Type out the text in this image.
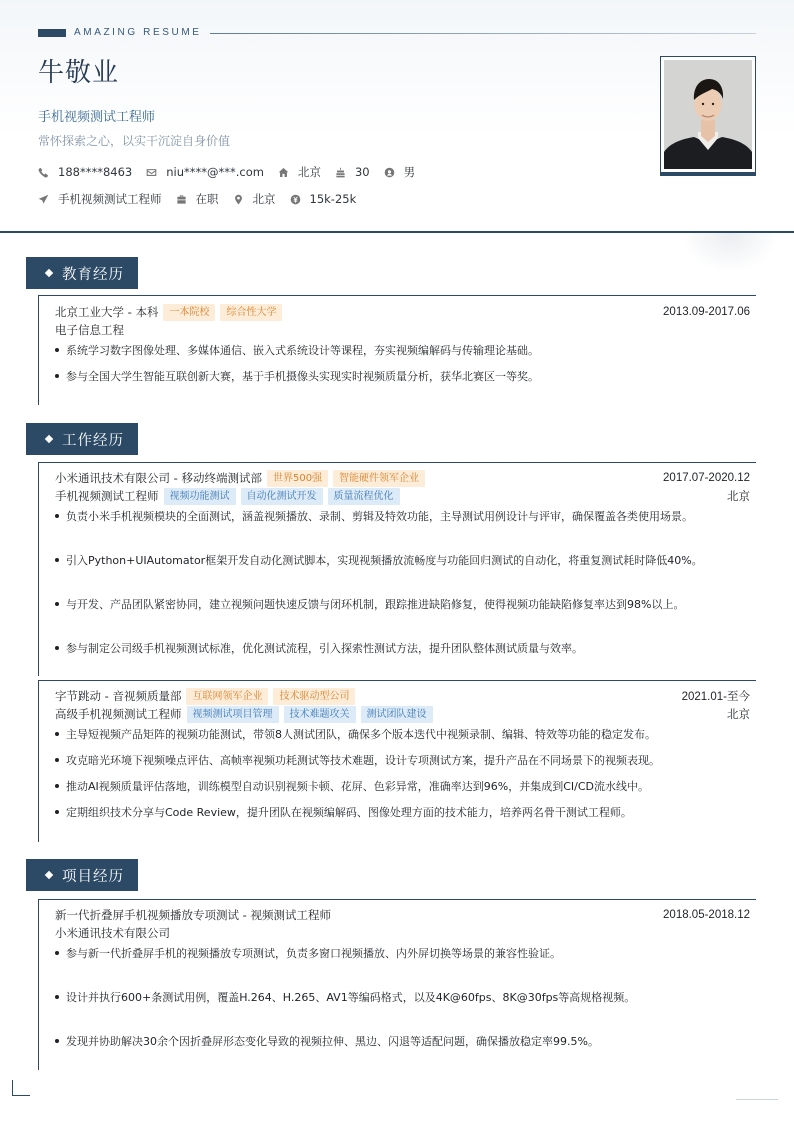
AMAZING RESUME
牛敬业
手机视频测试工程师
常怀探索之心，以实干沉淀自身价值
188****8463	niu****@***.com	北京	30	男
手机视频测试工程师	在职	北京	15k-25k
教育经历
北京工业大学 - 本科	一本院校	综合性大学	2013.09-2017.06
电子信息工程
系统学习数字图像处理、多媒体通信、嵌入式系统设计等课程，夯实视频编解码与传输理论基础。
参与全国大学生智能互联创新大赛，基于手机摄像头实现实时视频质量分析，获华北赛区一等奖。
工作经历
小米通讯技术有限公司 - 移动终端测试部	世界500强	智能硬件领军企业	2017.07-2020.12
手机视频测试工程师	视频功能测试	自动化测试开发	质量流程优化	北京
负责小米手机视频模块的全面测试，涵盖视频播放、录制、剪辑及特效功能，主导测试用例设计与评审，确保覆盖各类使用场景。
引入Python+UIAutomator框架开发自动化测试脚本，实现视频播放流畅度与功能回归测试的自动化，将重复测试耗时降低40%。
与开发、产品团队紧密协同，建立视频问题快速反馈与闭环机制，跟踪推进缺陷修复，使得视频功能缺陷修复率达到98%以上。
参与制定公司级手机视频测试标准，优化测试流程，引入探索性测试方法，提升团队整体测试质量与效率。
字节跳动 - 音视频质量部	互联网领军企业	技术驱动型公司	2021.01-至今
高级手机视频测试工程师	视频测试项目管理	技术难题攻关	测试团队建设	北京
主导短视频产品矩阵的视频功能测试，带领8人测试团队，确保多个版本迭代中视频录制、编辑、特效等功能的稳定发布。
攻克暗光环境下视频噪点评估、高帧率视频功耗测试等技术难题，设计专项测试方案，提升产品在不同场景下的视频表现。
推动AI视频质量评估落地，训练模型自动识别视频卡顿、花屏、色彩异常，准确率达到96%，并集成到CI/CD流水线中。
定期组织技术分享与Code Review，提升团队在视频编解码、图像处理方面的技术能力，培养两名骨干测试工程师。
项目经历
新一代折叠屏手机视频播放专项测试 - 视频测试工程师	2018.05-2018.12
小米通讯技术有限公司
参与新一代折叠屏手机的视频播放专项测试，负责多窗口视频播放、内外屏切换等场景的兼容性验证。
设计并执行600+条测试用例，覆盖H.264、H.265、AV1等编码格式，以及4K@60fps、8K@30fps等高规格视频。
发现并协助解决30余个因折叠屏形态变化导致的视频拉伸、黑边、闪退等适配问题，确保播放稳定率99.5%。
